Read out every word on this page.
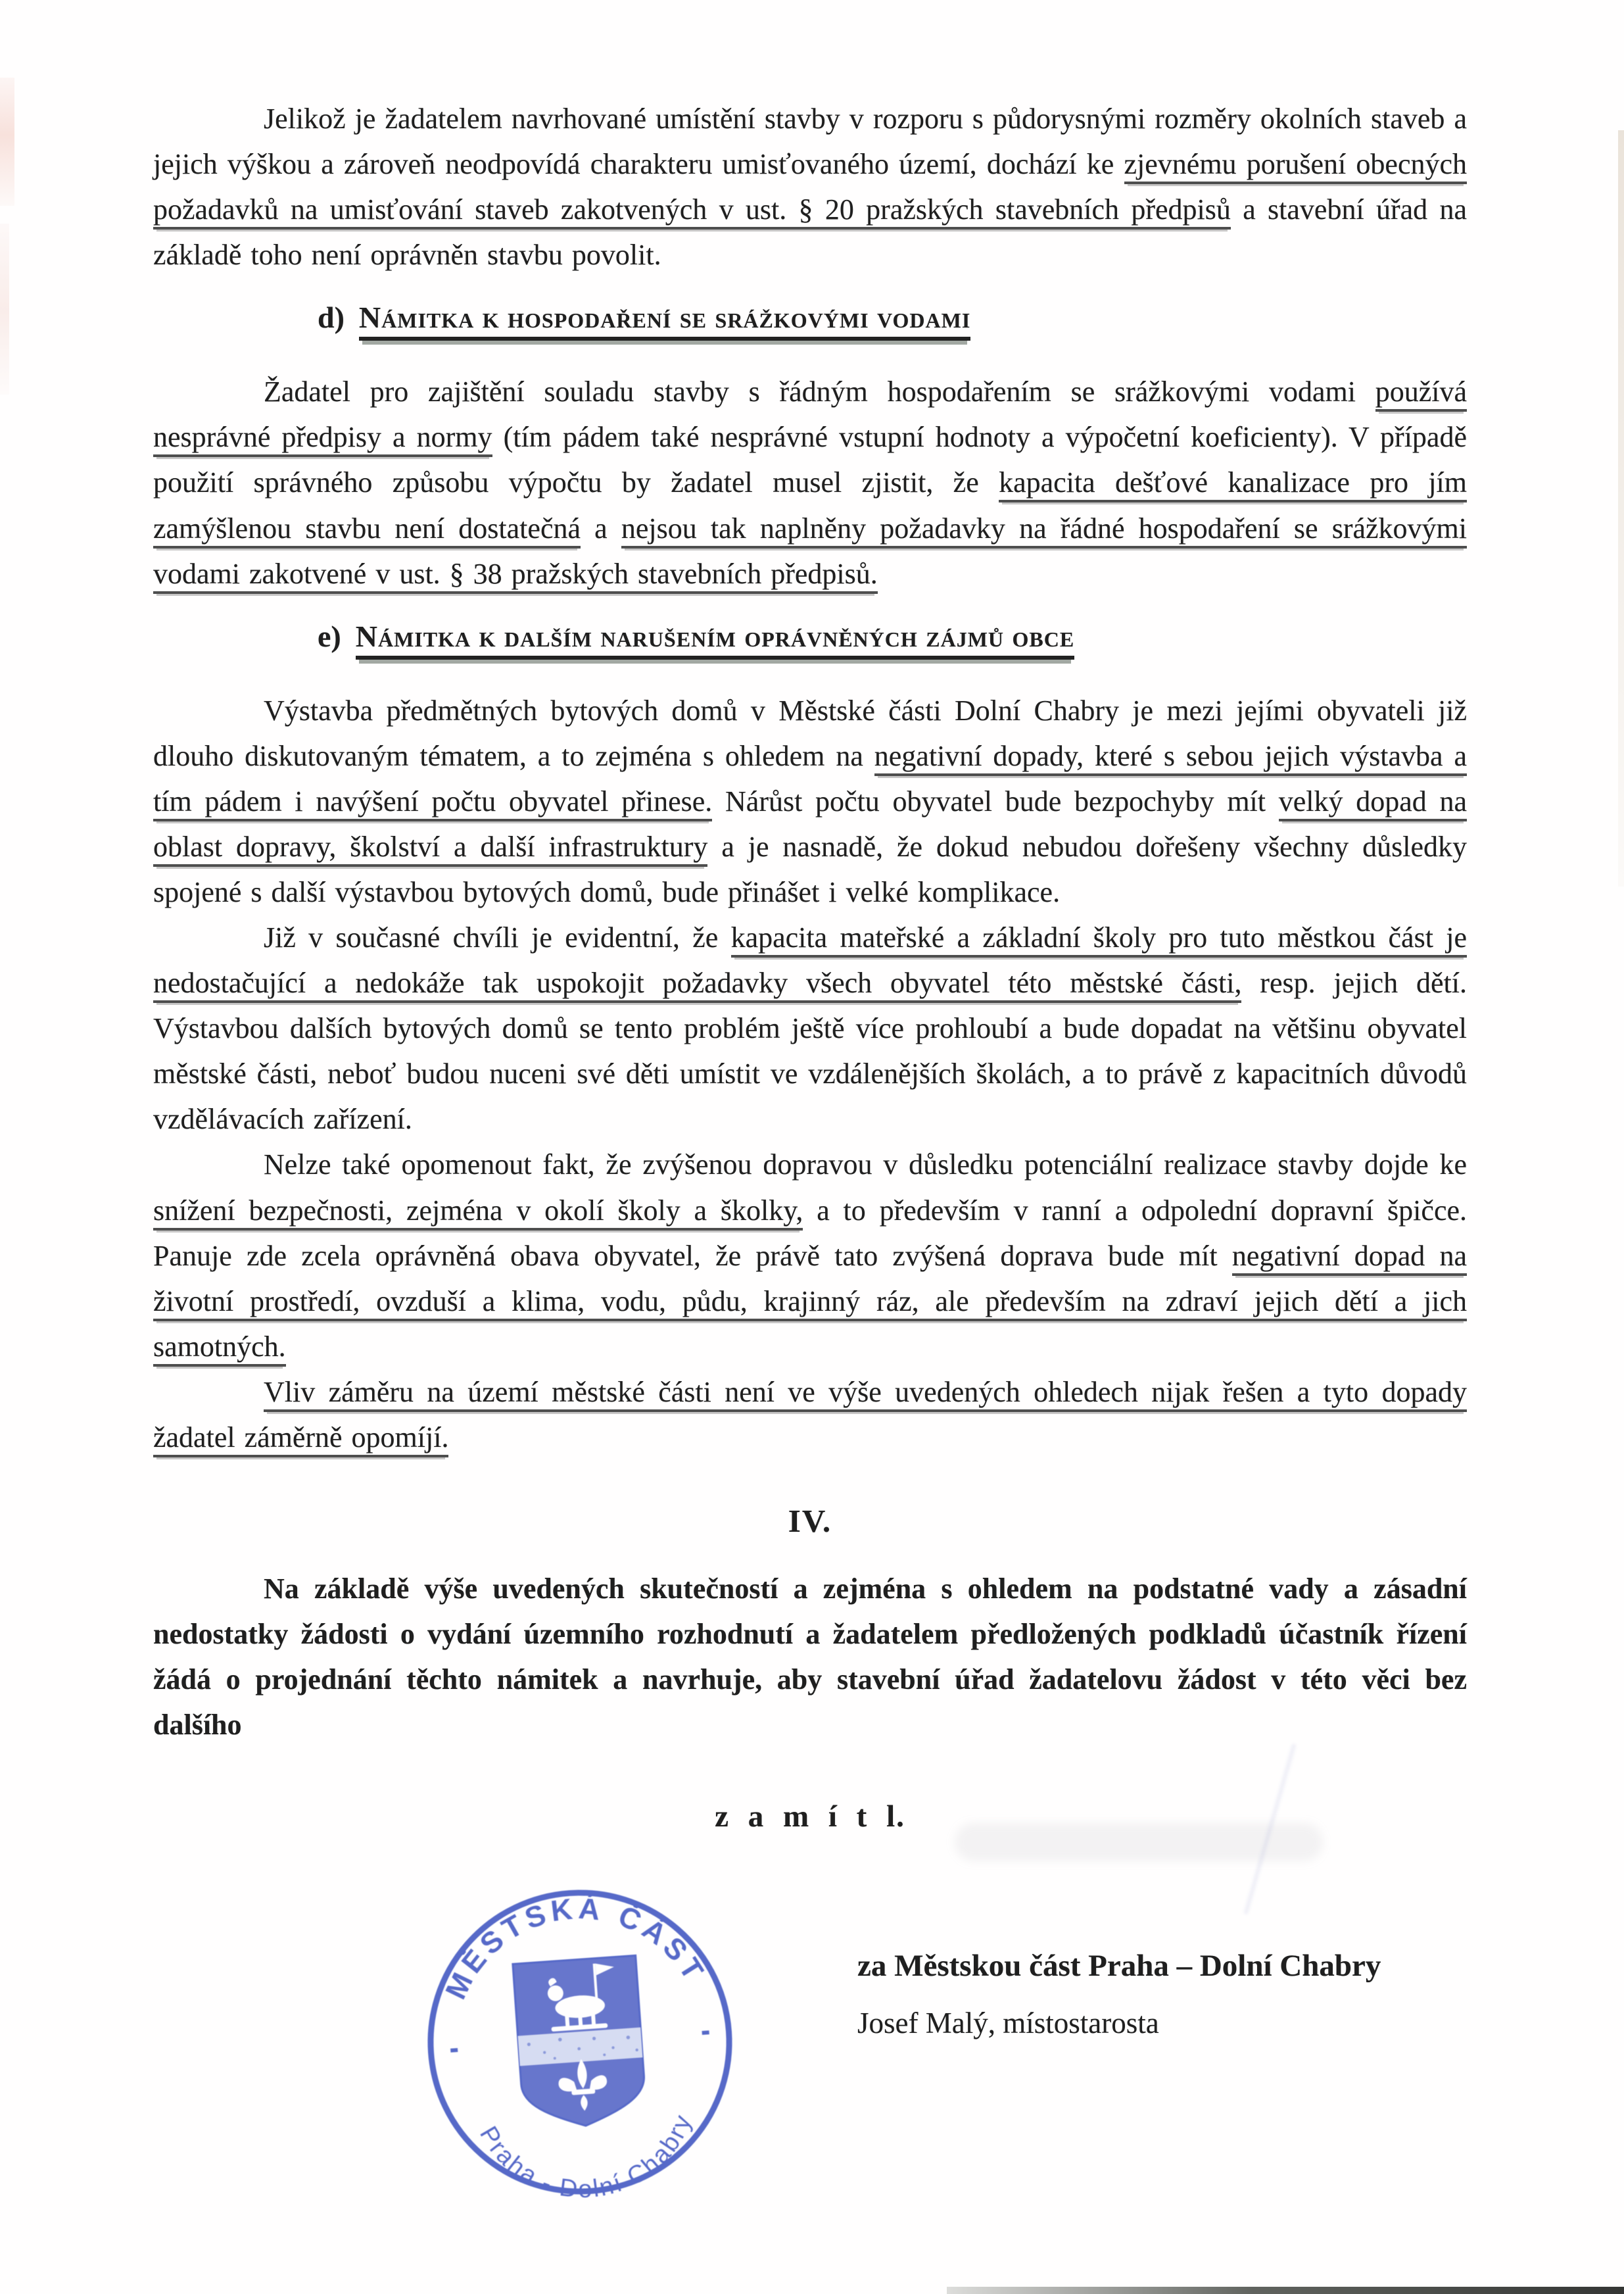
Jelikož je žadatelem navrhované umístění stavby v rozporu s půdorysnými rozměry okolních staveb a jejich výškou a zároveň neodpovídá charakteru umisťovaného území, dochází ke zjevnému porušení obecných požadavků na umisťování staveb zakotvených v ust. § 20 pražských stavebních předpisů a stavební úřad na základě toho není oprávněn stavbu povolit.

d) Námitka k hospodaření se srážkovými vodami

Žadatel pro zajištění souladu stavby s řádným hospodařením se srážkovými vodami používá nesprávné předpisy a normy (tím pádem také nesprávné vstupní hodnoty a výpočetní koeficienty). V případě použití správného způsobu výpočtu by žadatel musel zjistit, že kapacita dešťové kanalizace pro jím zamýšlenou stavbu není dostatečná a nejsou tak naplněny požadavky na řádné hospodaření se srážkovými vodami zakotvené v ust. § 38 pražských stavebních předpisů.

e) Námitka k dalším narušením oprávněných zájmů obce

Výstavba předmětných bytových domů v Městské části Dolní Chabry je mezi jejími obyvateli již dlouho diskutovaným tématem, a to zejména s ohledem na negativní dopady, které s sebou jejich výstavba a tím pádem i navýšení počtu obyvatel přinese. Nárůst počtu obyvatel bude bezpochyby mít velký dopad na oblast dopravy, školství a další infrastruktury a je nasnadě, že dokud nebudou dořešeny všechny důsledky spojené s další výstavbou bytových domů, bude přinášet i velké komplikace.

Již v současné chvíli je evidentní, že kapacita mateřské a základní školy pro tuto městkou část je nedostačující a nedokáže tak uspokojit požadavky všech obyvatel této městské části, resp. jejich dětí. Výstavbou dalších bytových domů se tento problém ještě více prohloubí a bude dopadat na většinu obyvatel městské části, neboť budou nuceni své děti umístit ve vzdálenějších školách, a to právě z kapacitních důvodů vzdělávacích zařízení.

Nelze také opomenout fakt, že zvýšenou dopravou v důsledku potenciální realizace stavby dojde ke snížení bezpečnosti, zejména v okolí školy a školky, a to především v ranní a odpolední dopravní špičce. Panuje zde zcela oprávněná obava obyvatel, že právě tato zvýšená doprava bude mít negativní dopad na životní prostředí, ovzduší a klima, vodu, půdu, krajinný ráz, ale především na zdraví jejich dětí a jich samotných.

Vliv záměru na území městské části není ve výše uvedených ohledech nijak řešen a tyto dopady žadatel záměrně opomíjí.

IV.

Na základě výše uvedených skutečností a zejména s ohledem na podstatné vady a zásadní nedostatky žádosti o vydání územního rozhodnutí a žadatelem předložených podkladů účastník řízení žádá o projednání těchto námitek a navrhuje, aby stavební úřad žadatelovu žádost v této věci bez dalšího

z a m í t l.
MĚSTSKÁ ČÁST
Praha - Dolní Chabry

za Městskou část Praha – Dolní Chabry

Josef Malý, místostarosta
